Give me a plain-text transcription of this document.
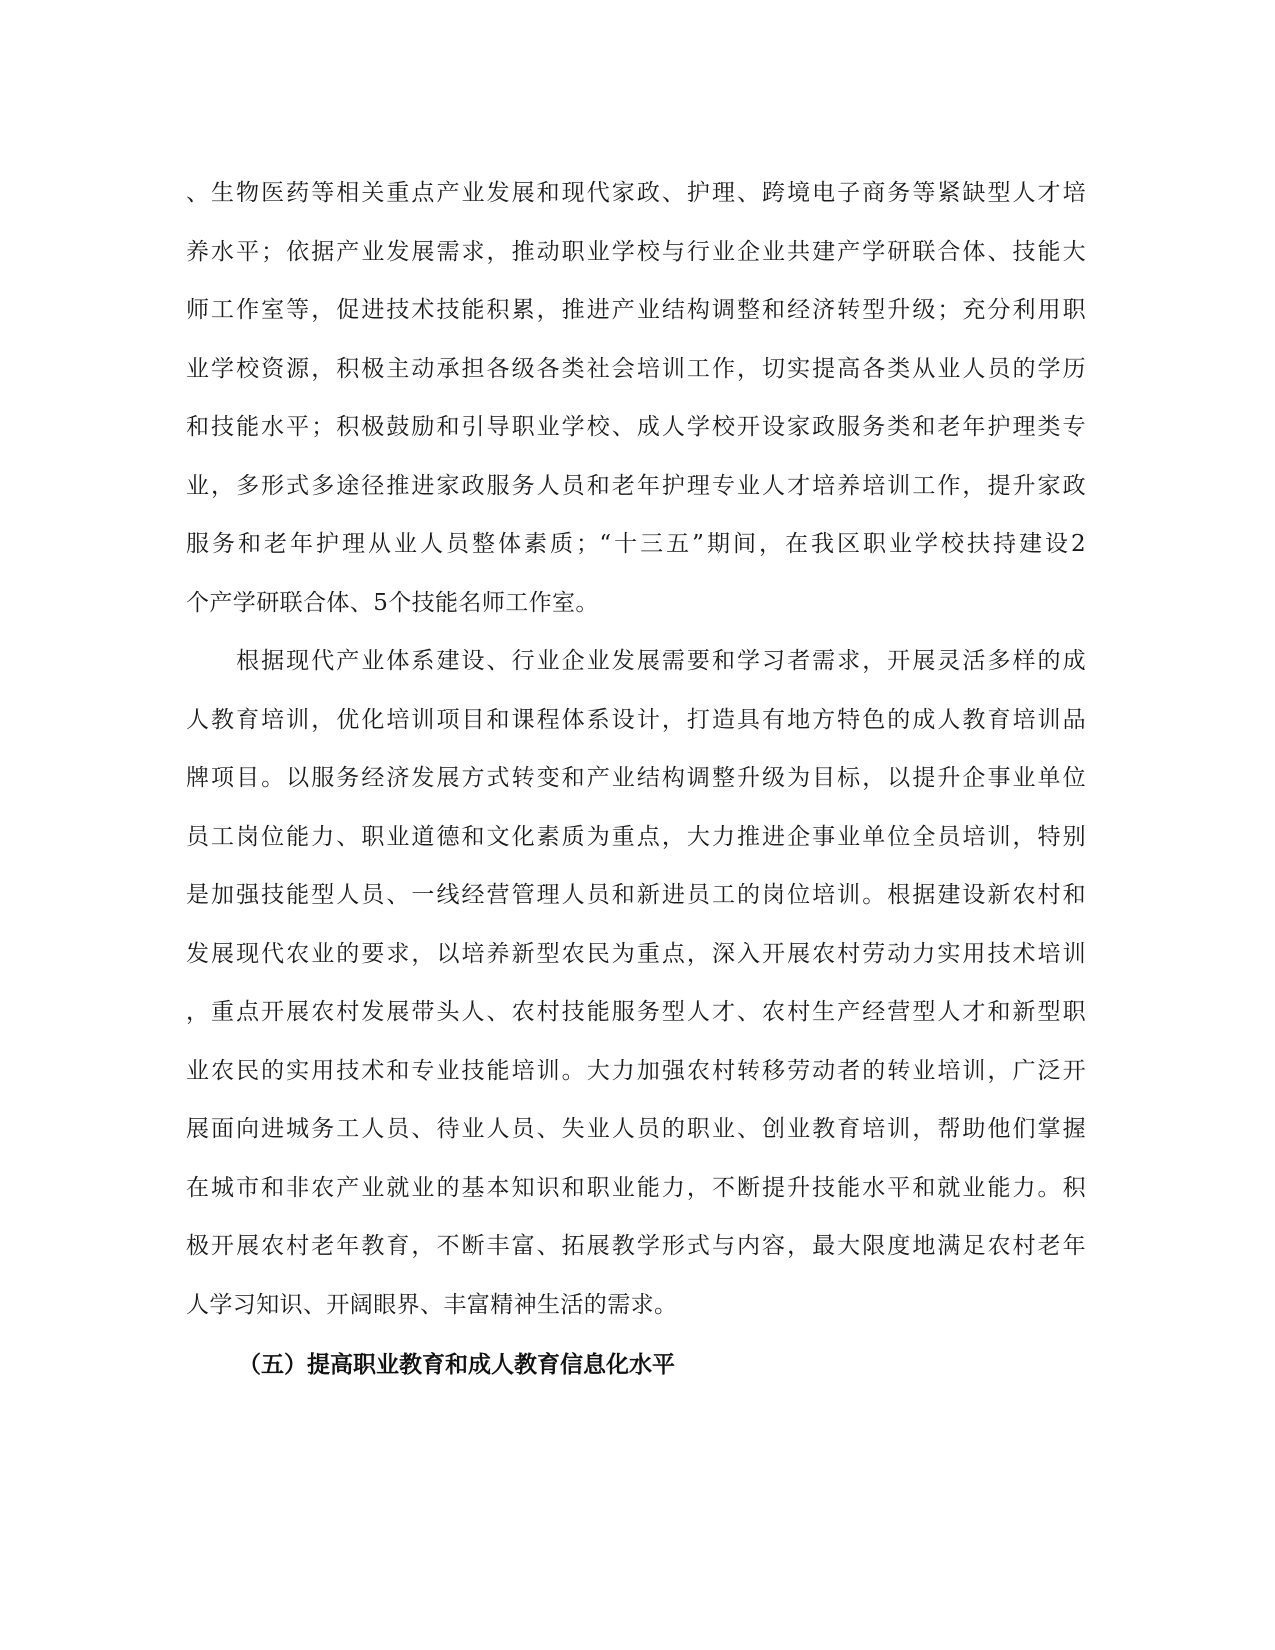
、生物医药等相关重点产业发展和现代家政、护理、跨境电子商务等紧缺型人才培
养水平；依据产业发展需求，推动职业学校与行业企业共建产学研联合体、技能大
师工作室等，促进技术技能积累，推进产业结构调整和经济转型升级；充分利用职
业学校资源，积极主动承担各级各类社会培训工作，切实提高各类从业人员的学历
和技能水平；积极鼓励和引导职业学校、成人学校开设家政服务类和老年护理类专
业，多形式多途径推进家政服务人员和老年护理专业人才培养培训工作，提升家政
服务和老年护理从业人员整体素质；“十三五”期间，在我区职业学校扶持建设2
个产学研联合体、5个技能名师工作室。
　　根据现代产业体系建设、行业企业发展需要和学习者需求，开展灵活多样的成
人教育培训，优化培训项目和课程体系设计，打造具有地方特色的成人教育培训品
牌项目。以服务经济发展方式转变和产业结构调整升级为目标，以提升企事业单位
员工岗位能力、职业道德和文化素质为重点，大力推进企事业单位全员培训，特别
是加强技能型人员、一线经营管理人员和新进员工的岗位培训。根据建设新农村和
发展现代农业的要求，以培养新型农民为重点，深入开展农村劳动力实用技术培训
，重点开展农村发展带头人、农村技能服务型人才、农村生产经营型人才和新型职
业农民的实用技术和专业技能培训。大力加强农村转移劳动者的转业培训，广泛开
展面向进城务工人员、待业人员、失业人员的职业、创业教育培训，帮助他们掌握
在城市和非农产业就业的基本知识和职业能力，不断提升技能水平和就业能力。积
极开展农村老年教育，不断丰富、拓展教学形式与内容，最大限度地满足农村老年
人学习知识、开阔眼界、丰富精神生活的需求。
（五）提高职业教育和成人教育信息化水平
